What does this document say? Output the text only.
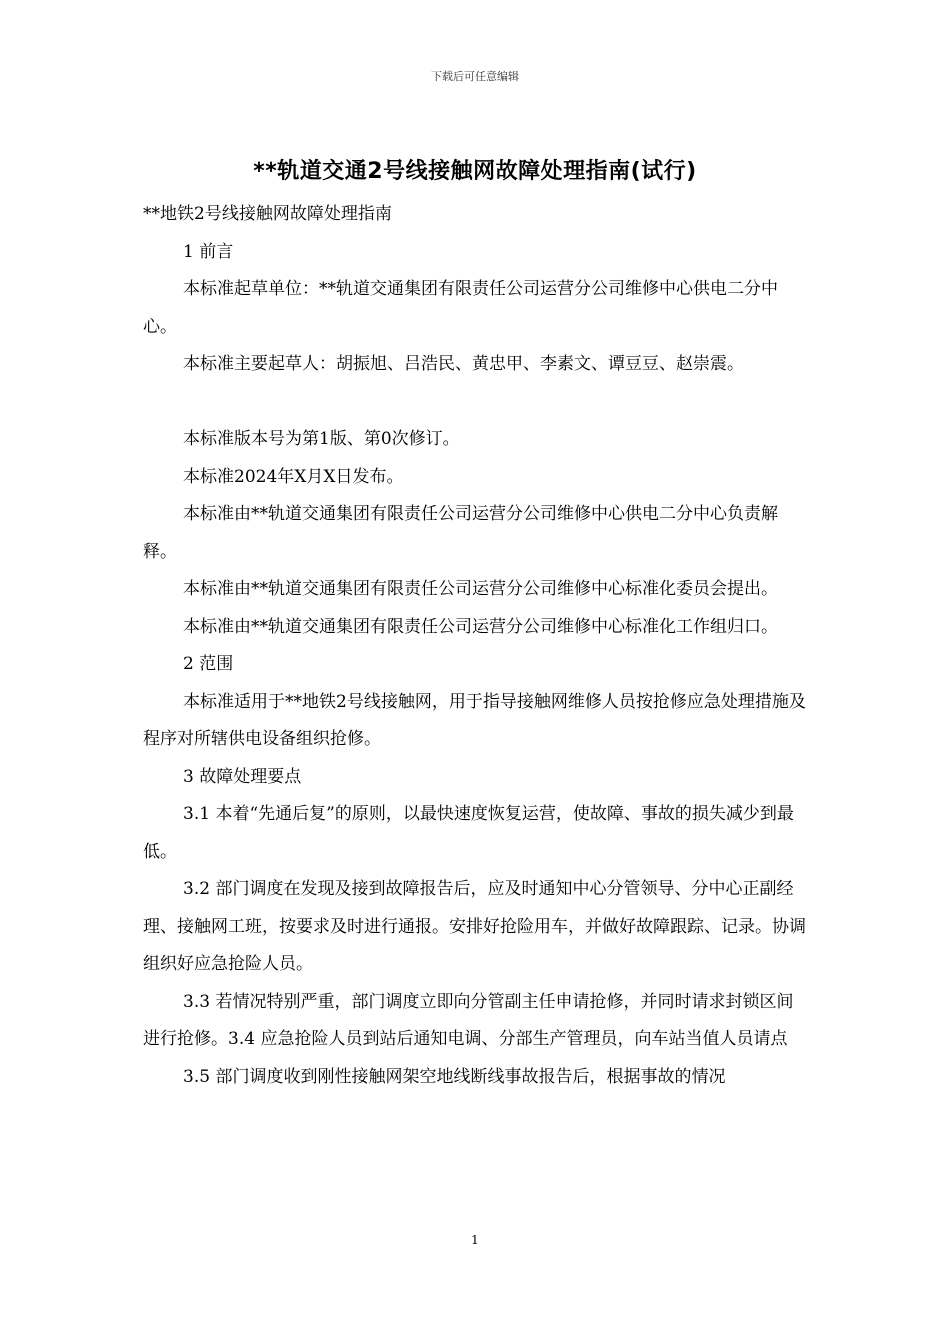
下载后可任意编辑
**轨道交通2号线接触网故障处理指南(试行)

**地铁2号线接触网故障处理指南

1 前言

本标准起草单位：**轨道交通集团有限责任公司运营分公司维修中心供电二分中心。

本标准主要起草人：胡振旭、吕浩民、黄忠甲、李素文、谭豆豆、赵崇震。

本标准版本号为第1版、第0次修订。

本标准2024年X月X日发布。

本标准由**轨道交通集团有限责任公司运营分公司维修中心供电二分中心负责解释。

本标准由**轨道交通集团有限责任公司运营分公司维修中心标准化委员会提出。

本标准由**轨道交通集团有限责任公司运营分公司维修中心标准化工作组归口。

2 范围

本标准适用于**地铁2号线接触网，用于指导接触网维修人员按抢修应急处理措施及程序对所辖供电设备组织抢修。

3 故障处理要点

3.1 本着“先通后复”的原则，以最快速度恢复运营，使故障、事故的损失减少到最低。

3.2 部门调度在发现及接到故障报告后，应及时通知中心分管领导、分中心正副经理、接触网工班，按要求及时进行通报。安排好抢险用车，并做好故障跟踪、记录。协调组织好应急抢险人员。

3.3 若情况特别严重，部门调度立即向分管副主任申请抢修，并同时请求封锁区间进行抢修。3.4 应急抢险人员到站后通知电调、分部生产管理员，向车站当值人员请点

3.5 部门调度收到刚性接触网架空地线断线事故报告后，根据事故的情况

1
